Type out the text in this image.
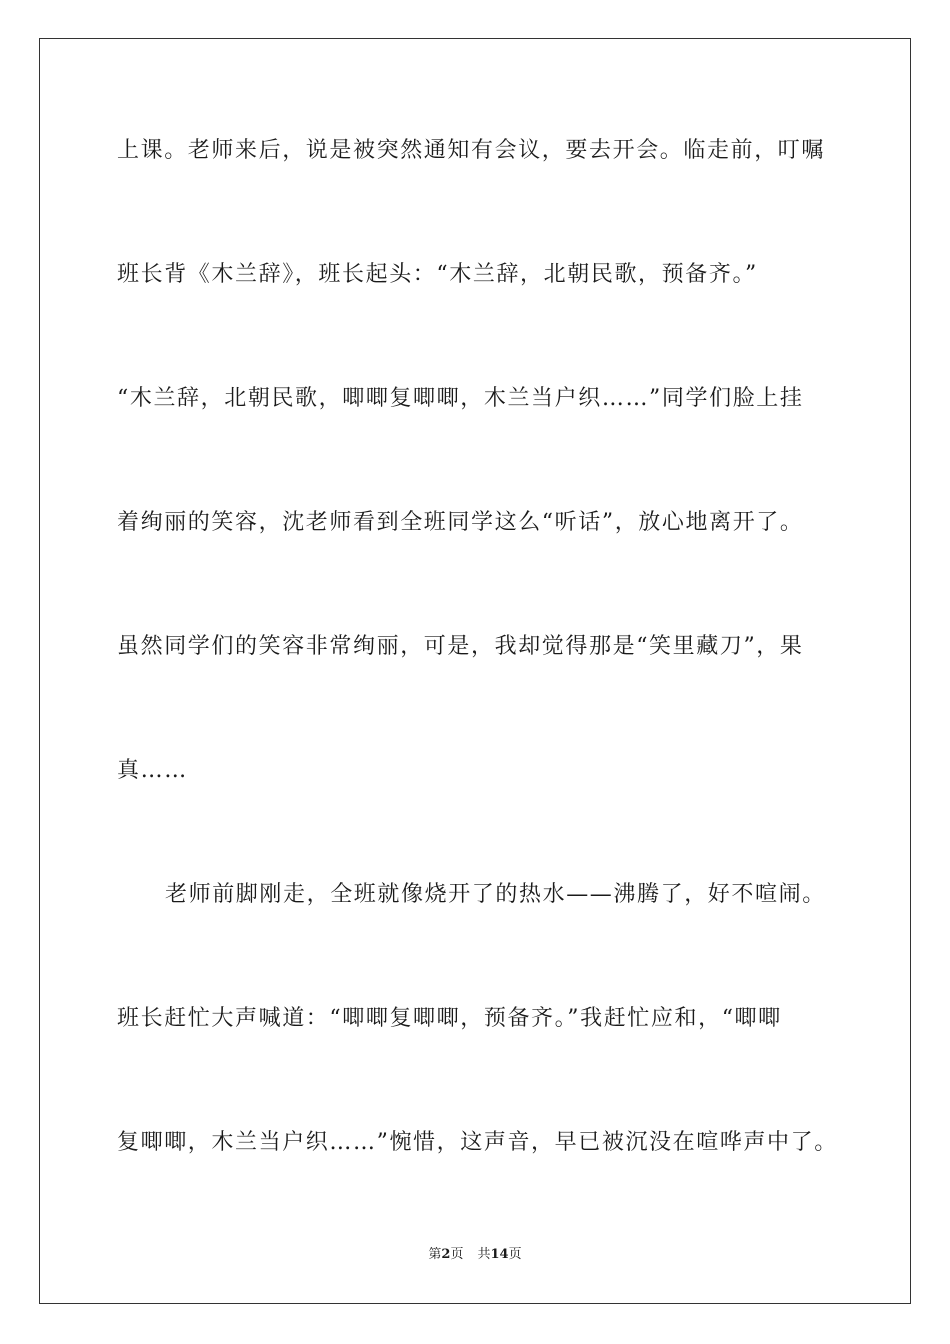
上课。老师来后，说是被突然通知有会议，要去开会。临走前，叮嘱
班长背《木兰辞》，班长起头：“木兰辞，北朝民歌，预备齐。”
“木兰辞，北朝民歌，唧唧复唧唧，木兰当户织……”同学们脸上挂
着绚丽的笑容，沈老师看到全班同学这么“听话”，放心地离开了。
虽然同学们的笑容非常绚丽，可是，我却觉得那是“笑里藏刀”，果
真……
老师前脚刚走，全班就像烧开了的热水——沸腾了，好不喧闹。
班长赶忙大声喊道：“唧唧复唧唧，预备齐。”我赶忙应和，“唧唧
复唧唧，木兰当户织……”惋惜，这声音，早已被沉没在喧哗声中了。
第2页 共14页
